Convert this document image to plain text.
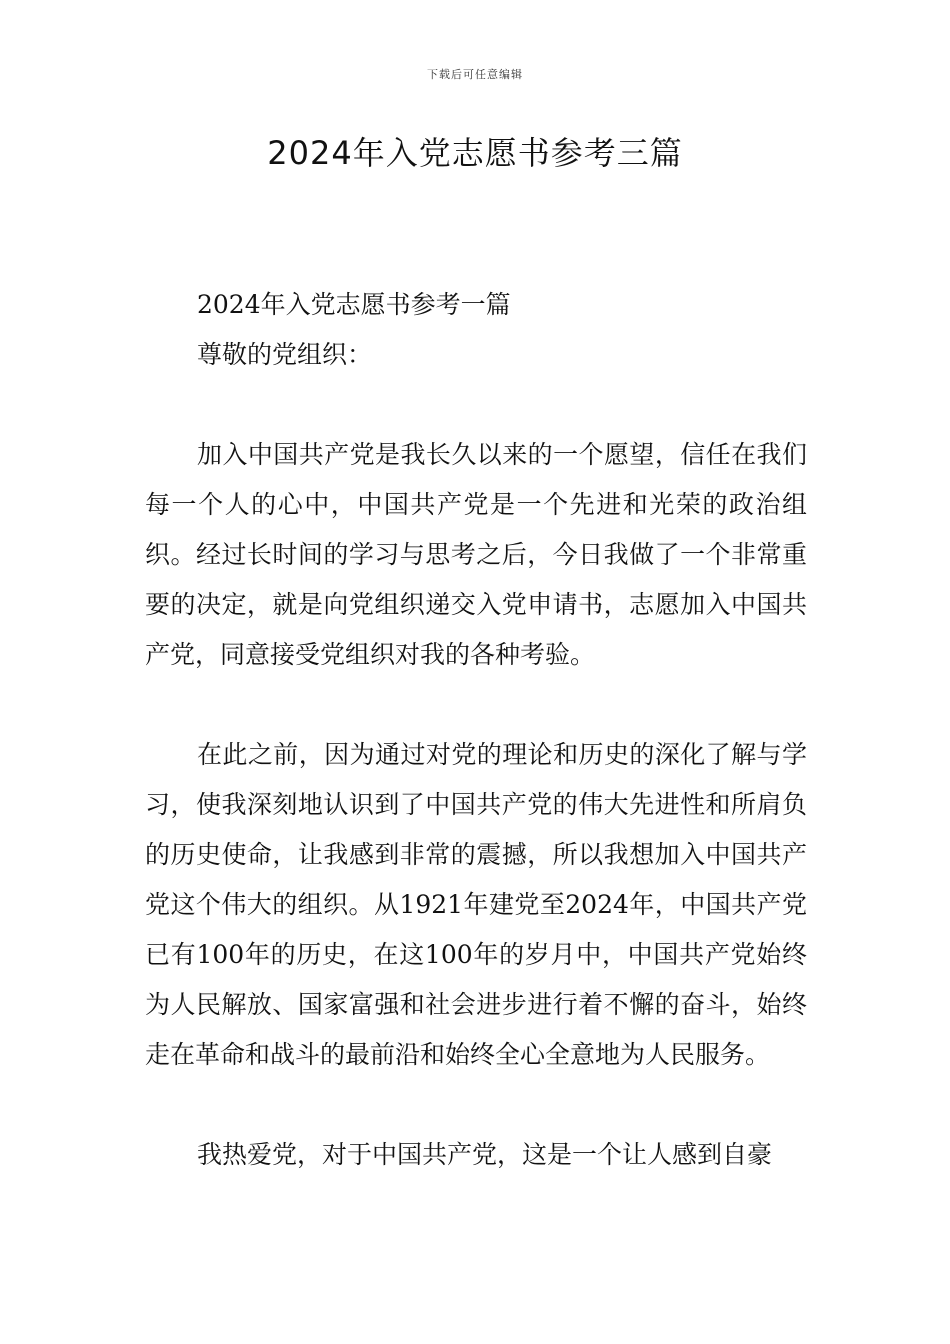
下载后可任意编辑
2024年入党志愿书参考三篇

2024年入党志愿书参考一篇

尊敬的党组织：

加入中国共产党是我长久以来的一个愿望，信任在我们每一个人的心中，中国共产党是一个先进和光荣的政治组织。经过长时间的学习与思考之后，今日我做了一个非常重要的决定，就是向党组织递交入党申请书，志愿加入中国共产党，同意接受党组织对我的各种考验。

在此之前，因为通过对党的理论和历史的深化了解与学习，使我深刻地认识到了中国共产党的伟大先进性和所肩负的历史使命，让我感到非常的震撼，所以我想加入中国共产党这个伟大的组织。从1921年建党至2024年，中国共产党已有100年的历史，在这100年的岁月中，中国共产党始终为人民解放、国家富强和社会进步进行着不懈的奋斗，始终走在革命和战斗的最前沿和始终全心全意地为人民服务。

我热爱党，对于中国共产党，这是一个让人感到自豪
